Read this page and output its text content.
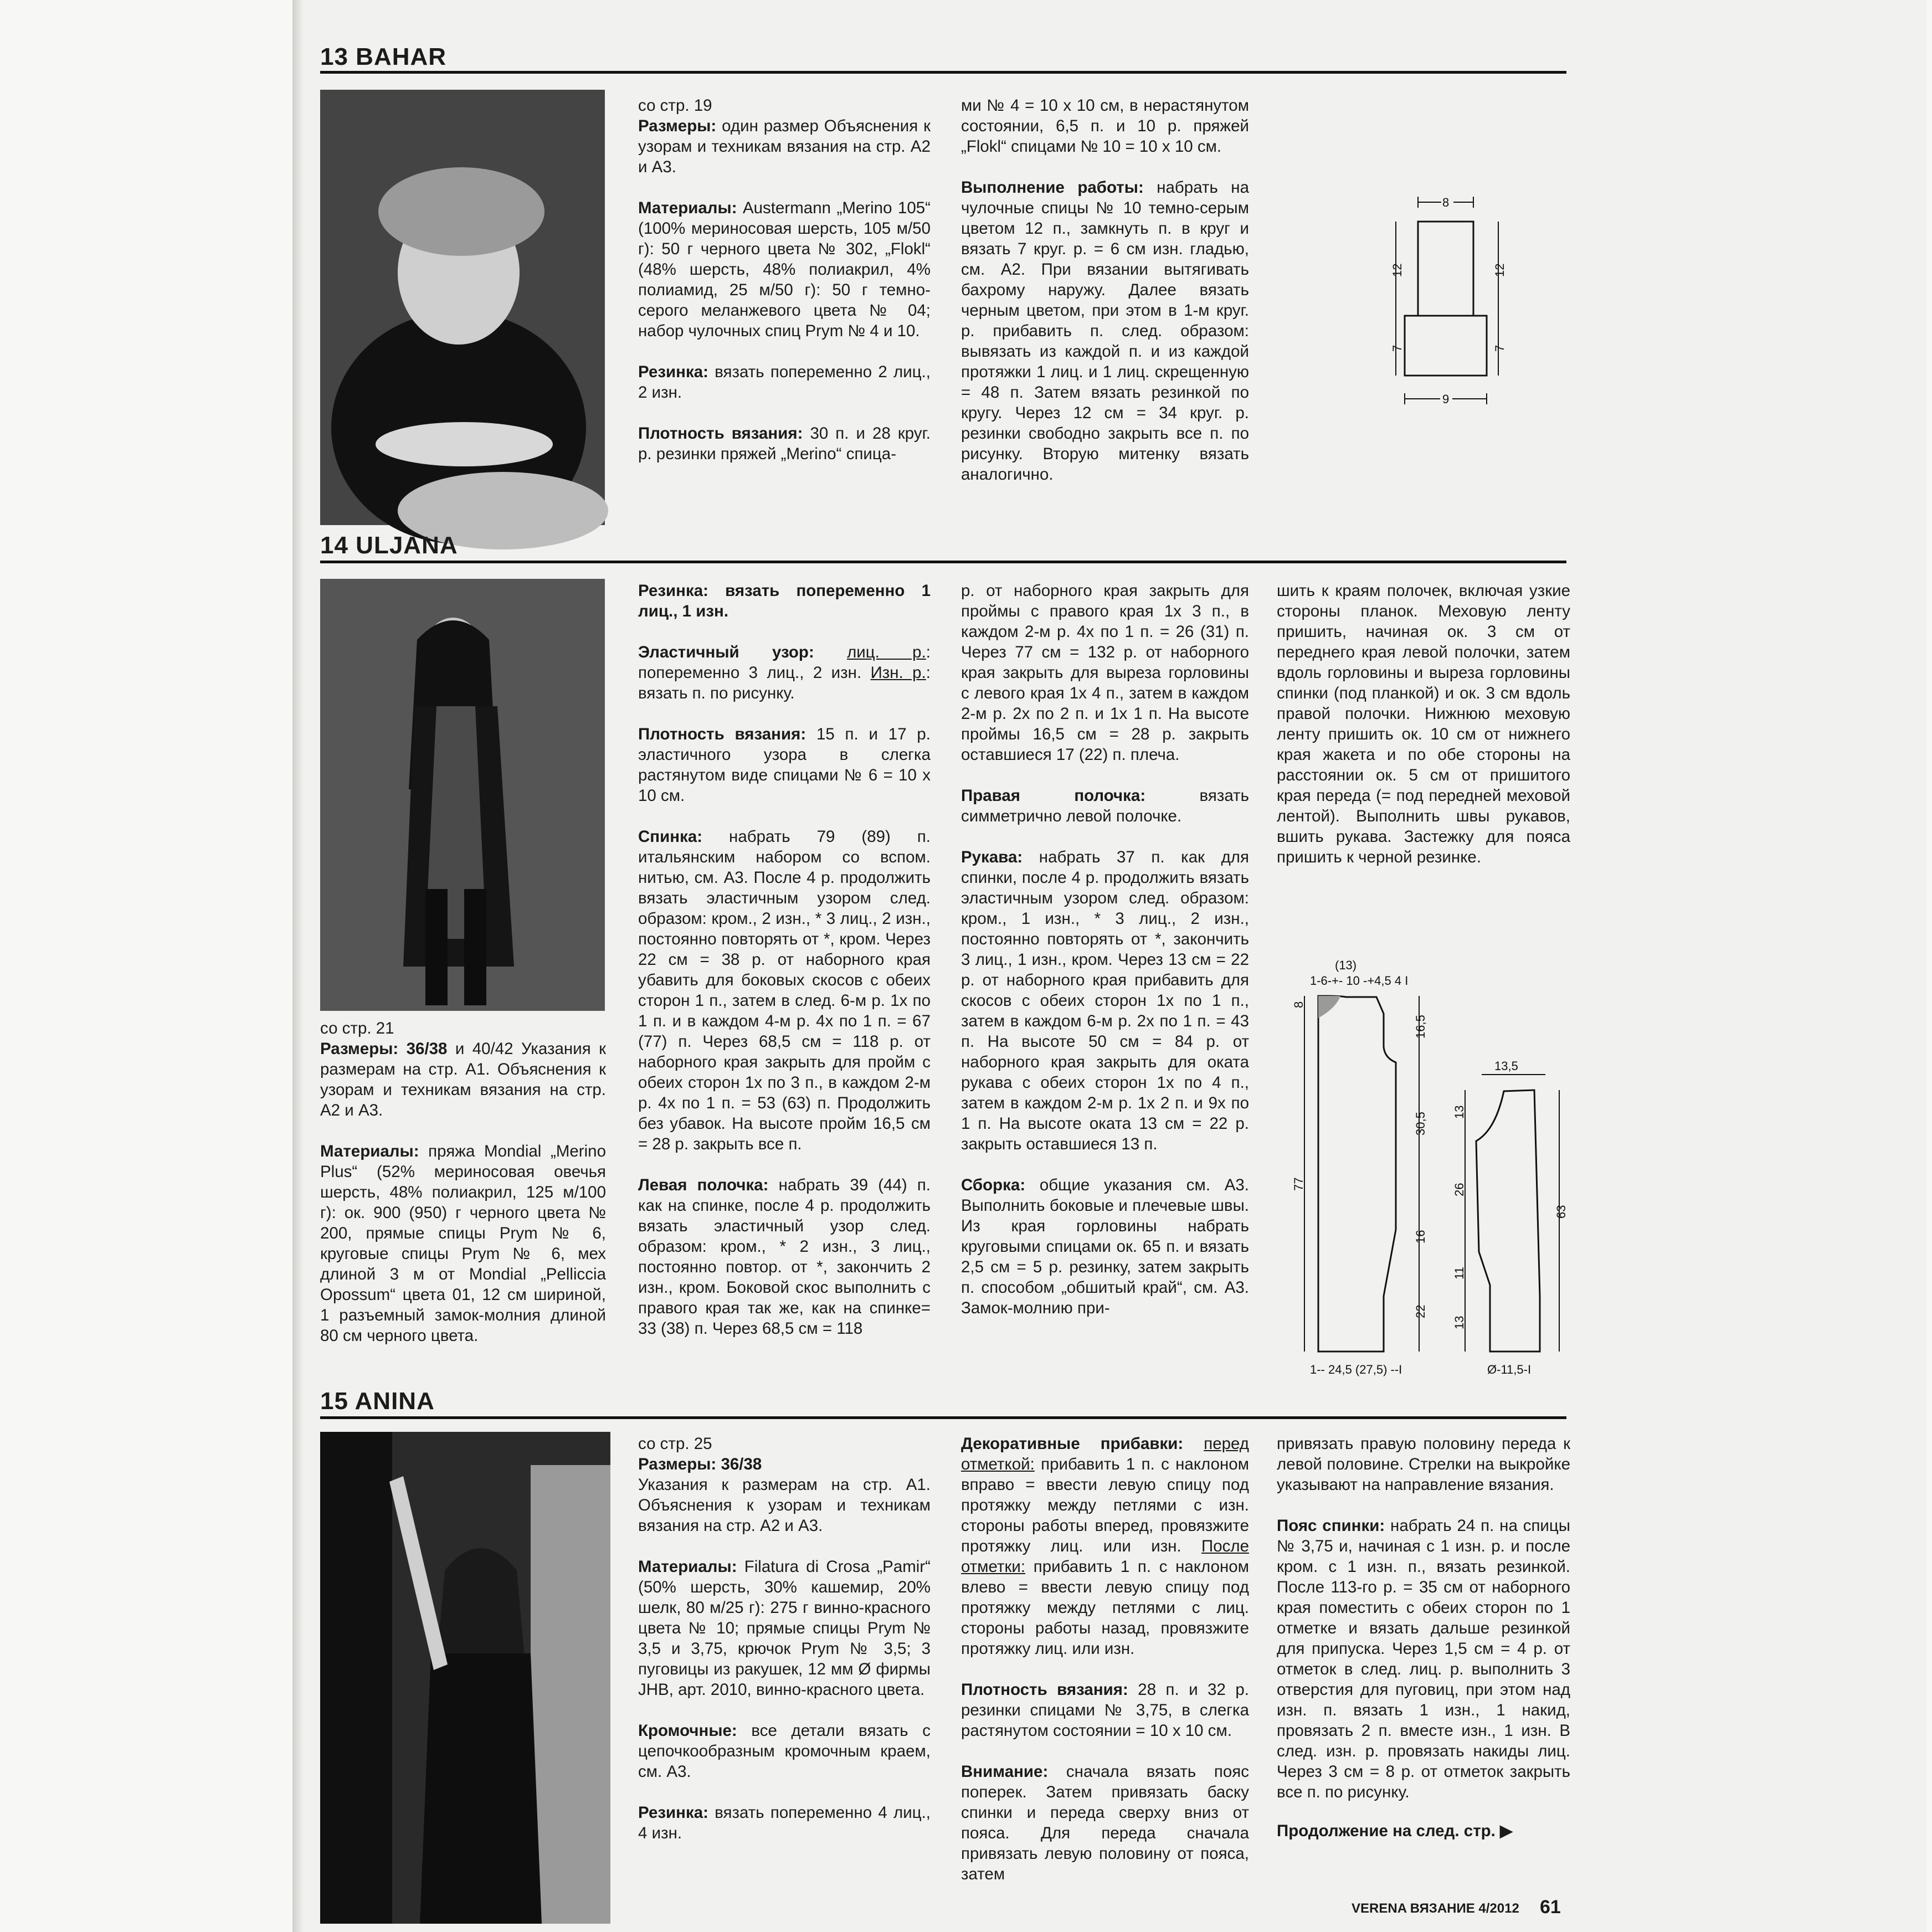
13 BAHAR

со стр. 19
Размеры: один размер Объяснения к узорам и техникам вязания на стр. A2 и A3.

Материалы: Austermann „Merino 105“ (100% мериносовая шерсть, 105 м/50 г): 50 г черного цвета № 302, „Flokl“ (48% шерсть, 48% полиакрил, 4% полиамид, 25 м/50 г): 50 г темно-серого меланжевого цвета № 04; набор чулочных спиц Prym № 4 и 10.

Резинка: вязать попеременно 2 лиц., 2 изн.

Плотность вязания: 30 п. и 28 круг. р. резинки пряжей „Merino“ спица-

ми № 4 = 10 х 10 см, в нерастянутом состоянии, 6,5 п. и 10 р. пряжей „Flokl“ спицами № 10 = 10 х 10 см.

Выполнение работы: набрать на чулочные спицы № 10 темно-серым цветом 12 п., замкнуть п. в круг и вязать 7 круг. р. = 6 см изн. гладью, см. A2. При вязании вытягивать бахрому наружу. Далее вязать черным цветом, при этом в 1-м круг. р. прибавить п. след. образом: вывязать из каждой п. и из каждой протяжки 1 лиц. и 1 лиц. скрещенную = 48 п. Затем вязать резинкой по кругу. Через 12 см = 34 круг. р. резинки свободно закрыть все п. по рисунку. Вторую митенку вязать аналогично.

8
12	12
7	7
9
14 ULJANA

со стр. 21
Размеры: 36/38 и 40/42 Указания к размерам на стр. A1. Объяснения к узорам и техникам вязания на стр. A2 и A3.

Материалы: пряжа Mondial „Merino Plus“ (52% мериносовая овечья шерсть, 48% полиакрил, 125 м/100 г): ок. 900 (950) г черного цвета № 200, прямые спицы Prym № 6, круговые спицы Prym № 6, мех длиной 3 м от Mondial „Pelliccia Opossum“ цвета 01, 12 см шириной, 1 разъемный замок-молния длиной 80 см черного цвета.

Резинка: вязать попеременно 1 лиц., 1 изн.

Эластичный узор: лиц. р.: попеременно 3 лиц., 2 изн. Изн. р.: вязать п. по рисунку.

Плотность вязания: 15 п. и 17 р. эластичного узора в слегка растянутом виде спицами № 6 = 10 х 10 см.

Спинка: набрать 79 (89) п. итальянским набором со вспом. нитью, см. A3. После 4 р. продолжить вязать эластичным узором след. образом: кром., 2 изн., * 3 лиц., 2 изн., постоянно повторять от *, кром. Через 22 см = 38 р. от наборного края убавить для боковых скосов с обеих сторон 1 п., затем в след. 6-м р. 1х по 1 п. и в каждом 4-м р. 4х по 1 п. = 67 (77) п. Через 68,5 см = 118 р. от наборного края закрыть для пройм с обеих сторон 1х по 3 п., в каждом 2-м р. 4х по 1 п. = 53 (63) п. Продолжить без убавок. На высоте пройм 16,5 см = 28 р. закрыть все п.

Левая полочка: набрать 39 (44) п. как на спинке, после 4 р. продолжить вязать эластичный узор след. образом: кром., * 2 изн., 3 лиц., постоянно повтор. от *, закончить 2 изн., кром. Боковой скос выполнить с правого края так же, как на спинке= 33 (38) п. Через 68,5 см = 118

р. от наборного края закрыть для проймы с правого края 1х 3 п., в каждом 2-м р. 4х по 1 п. = 26 (31) п. Через 77 см = 132 р. от наборного края закрыть для выреза горловины с левого края 1х 4 п., затем в каждом 2-м р. 2х по 2 п. и 1х 1 п. На высоте проймы 16,5 см = 28 р. закрыть оставшиеся 17 (22) п. плеча.

Правая полочка: вязать симметрично левой полочке.

Рукава: набрать 37 п. как для спинки, после 4 р. продолжить вязать эластичным узором след. образом: кром., 1 изн., * 3 лиц., 2 изн., постоянно повторять от *, закончить 3 лиц., 1 изн., кром. Через 13 см = 22 р. от наборного края прибавить для скосов с обеих сторон 1х по 1 п., затем в каждом 6-м р. 2х по 1 п. = 43 п. На высоте 50 см = 84 р. от наборного края закрыть для оката рукава с обеих сторон 1х по 4 п., затем в каждом 2-м р. 1х 2 п. и 9х по 1 п. На высоте оката 13 см = 22 р. закрыть оставшиеся 13 п.

Сборка: общие указания см. A3. Выполнить боковые и плечевые швы. Из края горловины набрать круговыми спицами ок. 65 п. и вязать 2,5 см = 5 р. резинку, затем закрыть п. способом „обшитый край“, см. A3. Замок-молнию при-

шить к краям полочек, включая узкие стороны планок. Меховую ленту пришить, начиная ок. 3 см от переднего края левой полочки, затем вдоль горловины и выреза горловины спинки (под планкой) и ок. 3 см вдоль правой полочки. Нижнюю меховую ленту пришить ок. 10 см от нижнего края жакета и по обе стороны на расстоянии ок. 5 см от пришитого края переда (= под передней меховой лентой). Выполнить швы рукавов, вшить рукава. Застежку для пояса пришить к черной резинке.

(13)
1-6-+- 10 -+4,5 4 I
8
77
16,5
30,5
16
22
1-- 24,5 (27,5) --I
13,5
13
26
11
13
63
Ø-11,5-I
15 ANINA

со стр. 25
Размеры: 36/38
Указания к размерам на стр. A1. Объяснения к узорам и техникам вязания на стр. A2 и A3.

Материалы: Filatura di Crosa „Pamir“ (50% шерсть, 30% кашемир, 20% шелк, 80 м/25 г): 275 г винно-красного цвета № 10; прямые спицы Prym № 3,5 и 3,75, крючок Prym № 3,5; 3 пуговицы из ракушек, 12 мм Ø фирмы JHB, арт. 2010, винно-красного цвета.

Кромочные: все детали вязать с цепочкообразным кромочным краем, см. A3.

Резинка: вязать попеременно 4 лиц., 4 изн.

Декоративные прибавки: перед отметкой: прибавить 1 п. с наклоном вправо = ввести левую спицу под протяжку между петлями с изн. стороны работы вперед, провязжите протяжку лиц. или изн. После отметки: прибавить 1 п. с наклоном влево = ввести левую спицу под протяжку между петлями с лиц. стороны работы назад, провязжите протяжку лиц. или изн.

Плотность вязания: 28 п. и 32 р. резинки спицами № 3,75, в слегка растянутом состоянии = 10 х 10 см.

Внимание: сначала вязать пояс поперек. Затем привязать баску спинки и переда сверху вниз от пояса. Для переда сначала привязать левую половину от пояса, затем

привязать правую половину переда к левой половине. Стрелки на выкройке указывают на направление вязания.

Пояс спинки: набрать 24 п. на спицы № 3,75 и, начиная с 1 изн. р. и после кром. с 1 изн. п., вязать резинкой. После 113-го р. = 35 см от наборного края поместить с обеих сторон по 1 отметке и вязать дальше резинкой для припуска. Через 1,5 см = 4 р. от отметок в след. лиц. р. выполнить 3 отверстия для пуговиц, при этом над изн. п. вязать 1 изн., 1 накид, провязать 2 п. вместе изн., 1 изн. В след. изн. р. провязать накиды лиц. Через 3 см = 8 р. от отметок закрыть все п. по рисунку.

Продолжение на след. стр. ▶

VERENA ВЯЗАНИЕ 4/2012 61
